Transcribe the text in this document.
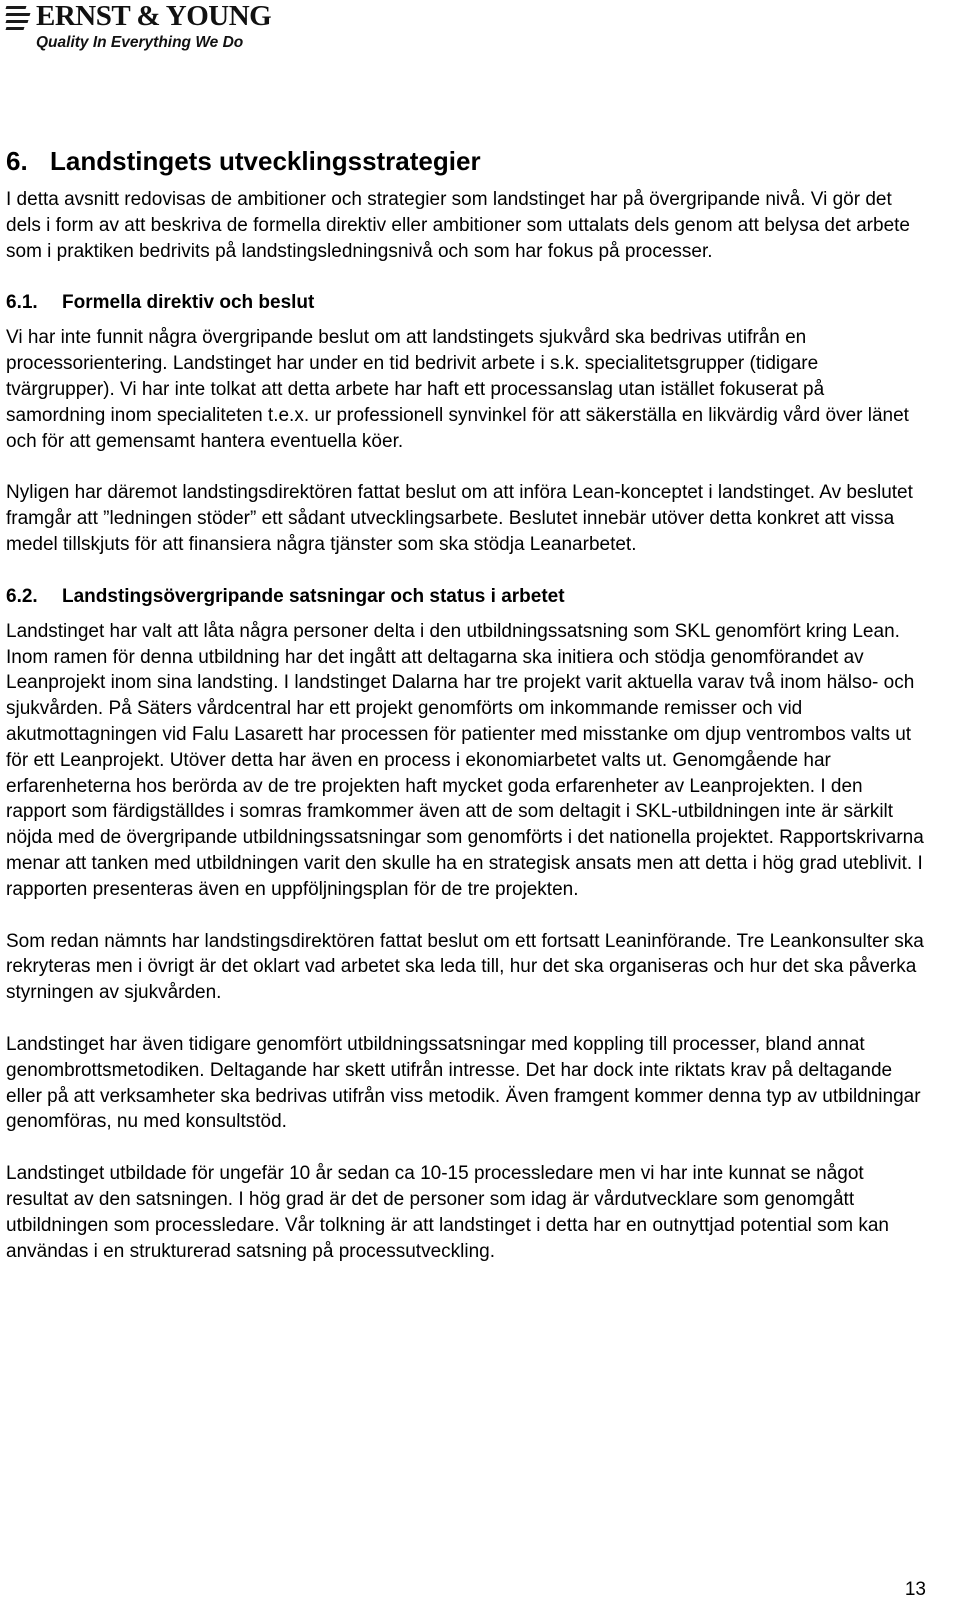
ERNST & YOUNG
Quality In Everything We Do
6. Landstingets utvecklingsstrategier

I detta avsnitt redovisas de ambitioner och strategier som landstinget har på övergripande nivå. Vi gör det dels i form av att beskriva de formella direktiv eller ambitioner som uttalats dels genom att belysa det arbete som i praktiken bedrivits på landstingsledningsnivå och som har fokus på processer.

6.1.	Formella direktiv och beslut

Vi har inte funnit några övergripande beslut om att landstingets sjukvård ska bedrivas utifrån en processorientering. Landstinget har under en tid bedrivit arbete i s.k. specialitetsgrupper (tidigare tvärgrupper). Vi har inte tolkat att detta arbete har haft ett processanslag utan istället fokuserat på samordning inom specialiteten t.e.x. ur professionell synvinkel för att säkerställa en likvärdig vård över länet och för att gemensamt hantera eventuella köer.

Nyligen har däremot landstingsdirektören fattat beslut om att införa Lean-konceptet i landstinget. Av beslutet framgår att ”ledningen stöder” ett sådant utvecklingsarbete. Beslutet innebär utöver detta konkret att vissa medel tillskjuts för att finansiera några tjänster som ska stödja Leanarbetet.

6.2.	Landstingsövergripande satsningar och status i arbetet

Landstinget har valt att låta några personer delta i den utbildningssatsning som SKL genomfört kring Lean. Inom ramen för denna utbildning har det ingått att deltagarna ska initiera och stödja genomförandet av Leanprojekt inom sina landsting. I landstinget Dalarna har tre projekt varit aktuella varav två inom hälso- och sjukvården. På Säters vårdcentral har ett projekt genomförts om inkommande remisser och vid akutmottagningen vid Falu Lasarett har processen för patienter med misstanke om djup ventrombos valts ut för ett Leanprojekt. Utöver detta har även en process i ekonomiarbetet valts ut. Genomgående har erfarenheterna hos berörda av de tre projekten haft mycket goda erfarenheter av Leanprojekten. I den rapport som färdigställdes i somras framkommer även att de som deltagit i SKL-utbildningen inte är särkilt nöjda med de övergripande utbildningssatsningar som genomförts i det nationella projektet. Rapportskrivarna menar att tanken med utbildningen varit den skulle ha en strategisk ansats men att detta i hög grad uteblivit. I rapporten presenteras även en uppföljningsplan för de tre projekten.

Som redan nämnts har landstingsdirektören fattat beslut om ett fortsatt Leaninförande. Tre Leankonsulter ska rekryteras men i övrigt är det oklart vad arbetet ska leda till, hur det ska organiseras och hur det ska påverka styrningen av sjukvården.

Landstinget har även tidigare genomfört utbildningssatsningar med koppling till processer, bland annat genombrottsmetodiken. Deltagande har skett utifrån intresse. Det har dock inte riktats krav på deltagande eller på att verksamheter ska bedrivas utifrån viss metodik. Även framgent kommer denna typ av utbildningar genomföras, nu med konsultstöd.

Landstinget utbildade för ungefär 10 år sedan ca 10-15 processledare men vi har inte kunnat se något resultat av den satsningen. I hög grad är det de personer som idag är vårdutvecklare som genomgått utbildningen som processledare. Vår tolkning är att landstinget i detta har en outnyttjad potential som kan användas i en strukturerad satsning på processutveckling.

13
